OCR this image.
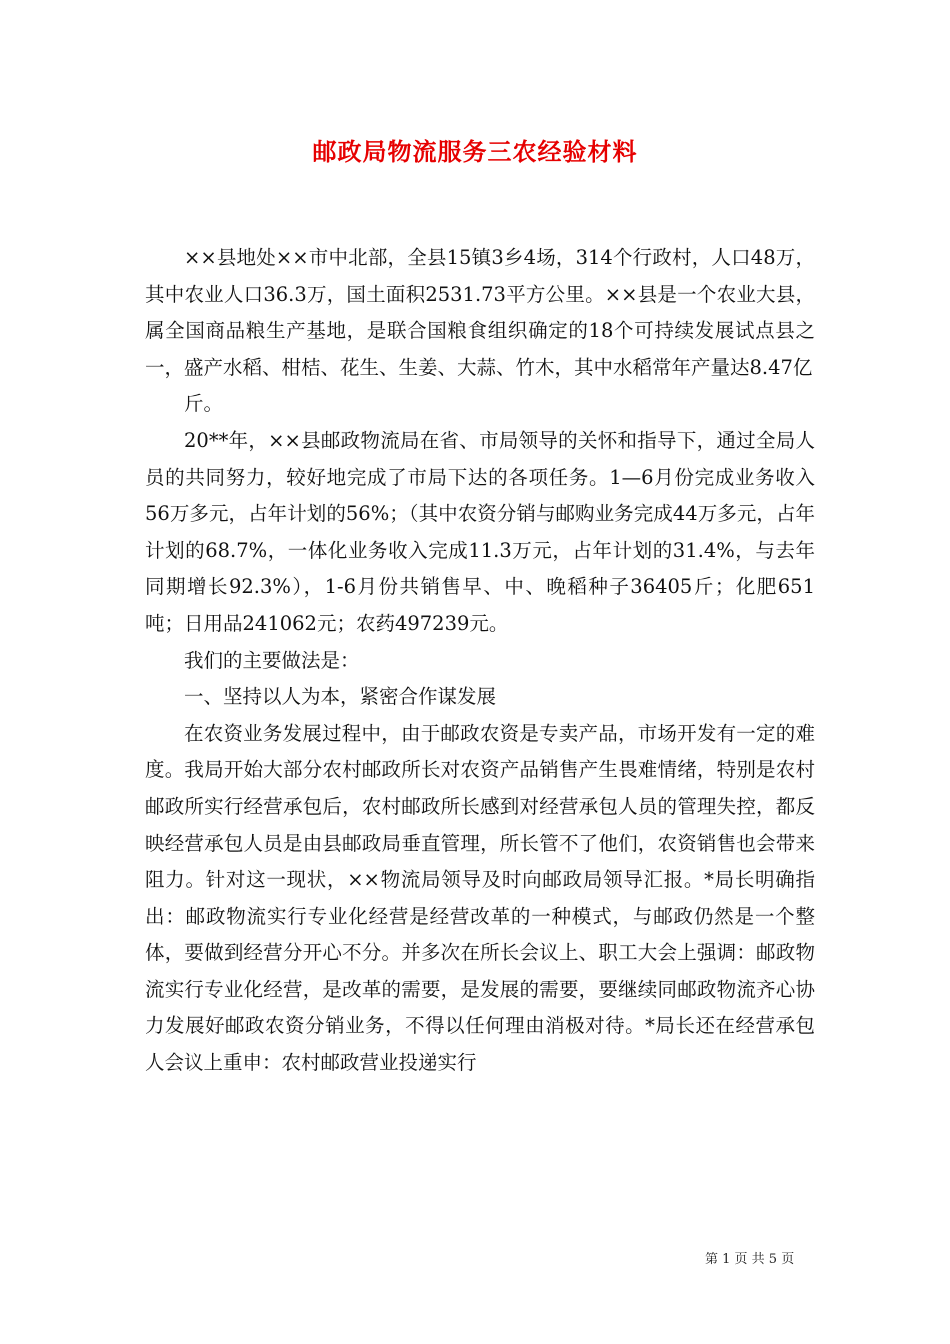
邮政局物流服务三农经验材料

××县地处××市中北部，全县15镇3乡4场，314个行政村，人口48万，其中农业人口36.3万，国土面积2531.73平方公里。××县是一个农业大县，属全国商品粮生产基地，是联合国粮食组织确定的18个可持续发展试点县之一，盛产水稻、柑桔、花生、生姜、大蒜、竹木，其中水稻常年产量达8.47亿

斤。

20**年，××县邮政物流局在省、市局领导的关怀和指导下，通过全局人员的共同努力，较好地完成了市局下达的各项任务。1—6月份完成业务收入56万多元，占年计划的56%；（其中农资分销与邮购业务完成44万多元，占年计划的68.7%，一体化业务收入完成11.3万元，占年计划的31.4%，与去年同期增长92.3%），1-6月份共销售早、中、晚稻种子36405斤；化肥651吨；日用品241062元；农药497239元。

我们的主要做法是：

一、坚持以人为本，紧密合作谋发展

在农资业务发展过程中，由于邮政农资是专卖产品，市场开发有一定的难度。我局开始大部分农村邮政所长对农资产品销售产生畏难情绪，特别是农村邮政所实行经营承包后，农村邮政所长感到对经营承包人员的管理失控，都反映经营承包人员是由县邮政局垂直管理，所长管不了他们，农资销售也会带来阻力。针对这一现状，××物流局领导及时向邮政局领导汇报。*局长明确指出：邮政物流实行专业化经营是经营改革的一种模式，与邮政仍然是一个整体，要做到经营分开心不分。并多次在所长会议上、职工大会上强调：邮政物流实行专业化经营，是改革的需要，是发展的需要，要继续同邮政物流齐心协力发展好邮政农资分销业务，不得以任何理由消极对待。*局长还在经营承包人会议上重申：农村邮政营业投递实行

第 1 页 共 5 页
